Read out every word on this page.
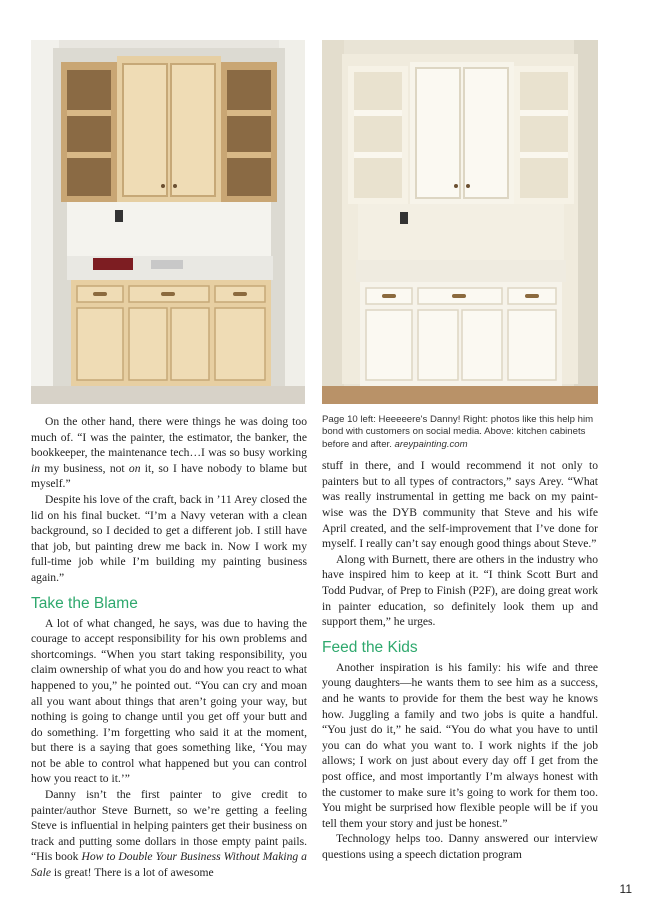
On the other hand, there were things he was doing too much of. “I was the painter, the estimator, the banker, the bookkeeper, the maintenance tech…I was so busy working in my business, not on it, so I have nobody to blame but myself.”

Despite his love of the craft, back in ’11 Arey closed the lid on his final bucket. “I’m a Navy veteran with a clean background, so I decided to get a different job. I still have that job, but painting drew me back in. Now I work my full-time job while I’m building my painting business again.”

Take the Blame

A lot of what changed, he says, was due to having the courage to accept responsibility for his own problems and shortcomings. “When you start taking responsibility, you claim ownership of what you do and how you react to what happened to you,” he pointed out. “You can cry and moan all you want about things that aren’t going your way, but nothing is going to change until you get off your butt and do something. I’m forgetting who said it at the moment, but there is a saying that goes something like, ‘You may not be able to control what happened but you can control how you react to it.’”

Danny isn’t the first painter to give credit to painter/author Steve Burnett, so we’re getting a feeling Steve is influential in helping painters get their business on track and putting some dollars in those empty paint pails. “His book How to Double Your Business Without Making a Sale is great! There is a lot of awesome

Page 10 left: Heeeeere's Danny! Right: photos like this help him bond with customers on social media. Above: kitchen cabinets before and after. areypainting.com

stuff in there, and I would recommend it not only to painters but to all types of contractors,” says Arey. “What was really instrumental in getting me back on my paint-wise was the DYB community that Steve and his wife April created, and the self-improvement that I’ve done for myself. I really can’t say enough good things about Steve.”

Along with Burnett, there are others in the industry who have inspired him to keep at it. “I think Scott Burt and Todd Pudvar, of Prep to Finish (P2F), are doing great work in painter education, so definitely look them up and support them,” he urges.

Feed the Kids

Another inspiration is his family: his wife and three young daughters—he wants them to see him as a success, and he wants to provide for them the best way he knows how. Juggling a family and two jobs is quite a handful. “You just do it,” he said. “You do what you have to until you can do what you want to. I work nights if the job allows; I work on just about every day off I get from the post office, and most importantly I’m always honest with the customer to make sure it’s going to work for them too. You might be surprised how flexible people will be if you tell them your story and just be honest.”

Technology helps too. Danny answered our interview questions using a speech dictation program

11
